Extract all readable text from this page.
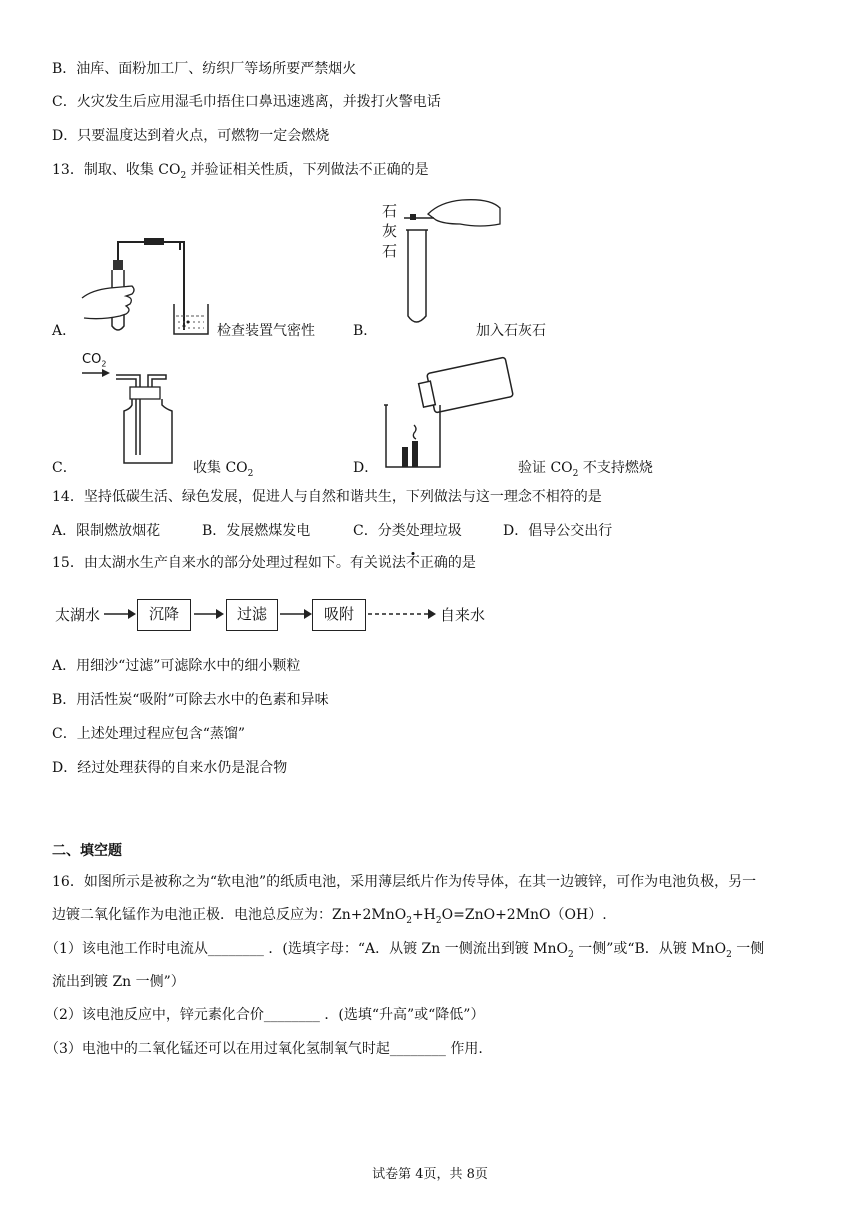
B．油库、面粉加工厂、纺织厂等场所要严禁烟火
C．火灾发生后应用湿毛巾捂住口鼻迅速逃离，并拨打火警电话
D．只要温度达到着火点，可燃物一定会燃烧
13．制取、收集 $CO_2$ 并验证相关性质，下列做法不正确的是
A．	检查装置气密性
石
灰
石
B．	加入石灰石
$CO_2$
C．	收集 $CO_2$	D．	验证 $CO_2$ 不支持燃烧
14．坚持低碳生活、绿色发展，促进人与自然和谐共生，下列做法与这一理念不相符的是
A．限制燃放烟花	B．发展燃煤发电	C．分类处理垃圾	D．倡导公交出行
15．由太湖水生产自来水的部分处理过程如下。有关说法不正确的是
太湖水	沉降	过滤	吸附	自来水
A．用细沙“过滤”可滤除水中的细小颗粒
B．用活性炭“吸附”可除去水中的色素和异味
C．上述处理过程应包含“蒸馏”
D．经过处理获得的自来水仍是混合物
二、填空题
16．如图所示是被称之为“软电池”的纸质电池，采用薄层纸片作为传导体，在其一边镀锌，可作为电池负极，另一
边镀二氧化锰作为电池正极．电池总反应为：$Zn+2MnO_2+H_2O=ZnO+2MnO(OH)$.
（1）该电池工作时电流从________ ．(选填字母：“A．从镀 Zn 一侧流出到镀 MnO$_2$ 一侧”或“B．从镀 MnO$_2$ 一侧
流出到镀 Zn 一侧”）
（2）该电池反应中，锌元素化合价________ ．(选填“升高”或“降低”）
（3）电池中的二氧化锰还可以在用过氧化氢制氧气时起________ 作用.
试卷第 4页，共 8页
